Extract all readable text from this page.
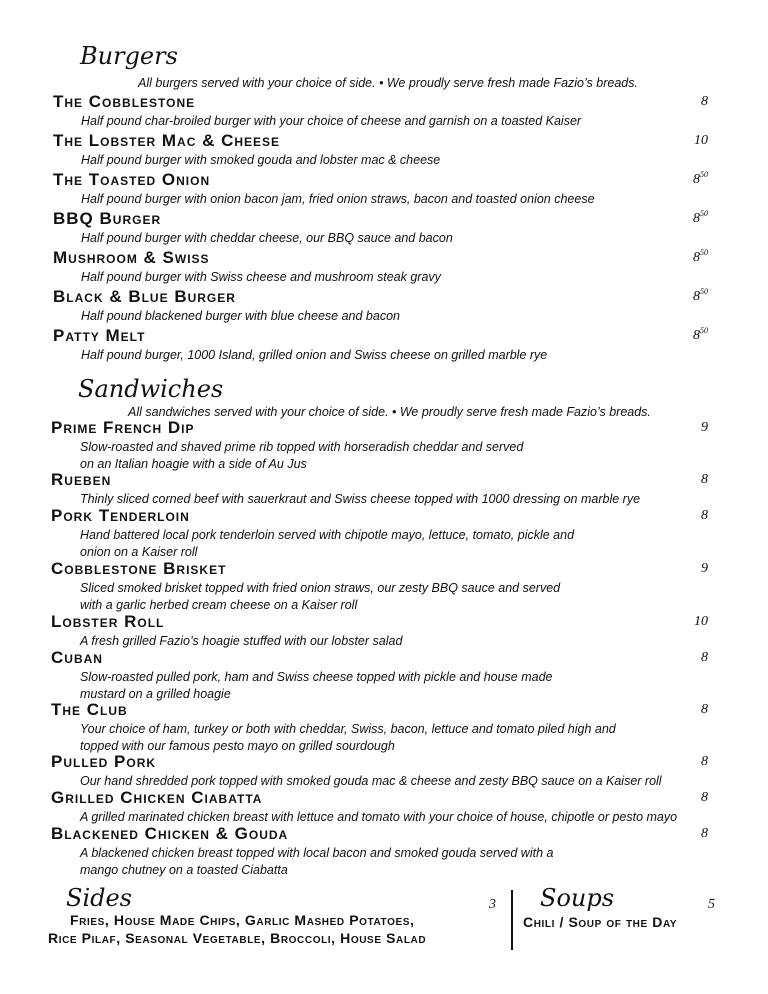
Burgers
All burgers served with your choice of side. • We proudly serve fresh made Fazio’s breads.
The Cobblestone	8
Half pound char-broiled burger with your choice of cheese and garnish on a toasted Kaiser
The Lobster Mac & Cheese	10
Half pound burger with smoked gouda and lobster mac & cheese
The Toasted Onion	$8^{50}$
Half pound burger with onion bacon jam, fried onion straws, bacon and toasted onion cheese
BBQ Burger	$8^{50}$
Half pound burger with cheddar cheese, our BBQ sauce and bacon
Mushroom & Swiss	$8^{50}$
Half pound burger with Swiss cheese and mushroom steak gravy
Black & Blue Burger	$8^{50}$
Half pound blackened burger with blue cheese and bacon
Patty Melt	$8^{50}$
Half pound burger, 1000 Island, grilled onion and Swiss cheese on grilled marble rye
Sandwiches
All sandwiches served with your choice of side. • We proudly serve fresh made Fazio’s breads.
Prime French Dip	9
Slow-roasted and shaved prime rib topped with horseradish cheddar and served
on an Italian hoagie with a side of Au Jus
Rueben	8
Thinly sliced corned beef with sauerkraut and Swiss cheese topped with 1000 dressing on marble rye
Pork Tenderloin	8
Hand battered local pork tenderloin served with chipotle mayo, lettuce, tomato, pickle and
onion on a Kaiser roll
Cobblestone Brisket	9
Sliced smoked brisket topped with fried onion straws, our zesty BBQ sauce and served
with a garlic herbed cream cheese on a Kaiser roll
Lobster Roll	10
A fresh grilled Fazio’s hoagie stuffed with our lobster salad
Cuban	8
Slow-roasted pulled pork, ham and Swiss cheese topped with pickle and house made
mustard on a grilled hoagie
The Club	8
Your choice of ham, turkey or both with cheddar, Swiss, bacon, lettuce and tomato piled high and
topped with our famous pesto mayo on grilled sourdough
Pulled Pork	8
Our hand shredded pork topped with smoked gouda mac & cheese and zesty BBQ sauce on a Kaiser roll
Grilled Chicken Ciabatta	8
A grilled marinated chicken breast with lettuce and tomato with your choice of house, chipotle or pesto mayo
Blackened Chicken & Gouda	8
A blackened chicken breast topped with local bacon and smoked gouda served with a
mango chutney on a toasted Ciabatta
Sides	3
Fries, House Made Chips, Garlic Mashed Potatoes,
Rice Pilaf, Seasonal Vegetable, Broccoli, House Salad
Soups	5
Chili / Soup of the Day
